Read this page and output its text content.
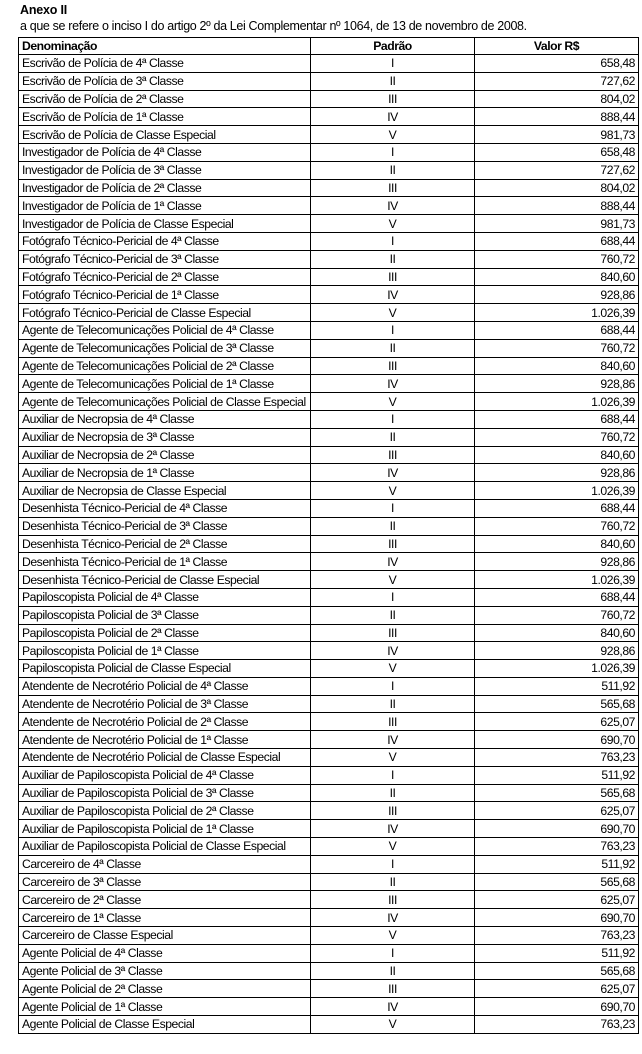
Anexo II
a que se refere o inciso I do artigo 2º da Lei Complementar nº 1064, de 13 de novembro de 2008.
Denominação	Padrão	Valor R$
Escrivão de Polícia de 4ª Classe	I	658,48
Escrivão de Polícia de 3ª Classe	II	727,62
Escrivão de Polícia de 2ª Classe	III	804,02
Escrivão de Polícia de 1ª Classe	IV	888,44
Escrivão de Polícia de Classe Especial	V	981,73
Investigador de Polícia de 4ª Classe	I	658,48
Investigador de Polícia de 3ª Classe	II	727,62
Investigador de Polícia de 2ª Classe	III	804,02
Investigador de Polícia de 1ª Classe	IV	888,44
Investigador de Polícia de Classe Especial	V	981,73
Fotógrafo Técnico-Pericial de 4ª Classe	I	688,44
Fotógrafo Técnico-Pericial de 3ª Classe	II	760,72
Fotógrafo Técnico-Pericial de 2ª Classe	III	840,60
Fotógrafo Técnico-Pericial de 1ª Classe	IV	928,86
Fotógrafo Técnico-Pericial de Classe Especial	V	1.026,39
Agente de Telecomunicações Policial de 4ª Classe	I	688,44
Agente de Telecomunicações Policial de 3ª Classe	II	760,72
Agente de Telecomunicações Policial de 2ª Classe	III	840,60
Agente de Telecomunicações Policial de 1ª Classe	IV	928,86
Agente de Telecomunicações Policial de Classe Especial	V	1.026,39
Auxiliar de Necropsia de 4ª Classe	I	688,44
Auxiliar de Necropsia de 3ª Classe	II	760,72
Auxiliar de Necropsia de 2ª Classe	III	840,60
Auxiliar de Necropsia de 1ª Classe	IV	928,86
Auxiliar de Necropsia de Classe Especial	V	1.026,39
Desenhista Técnico-Pericial de 4ª Classe	I	688,44
Desenhista Técnico-Pericial de 3ª Classe	II	760,72
Desenhista Técnico-Pericial de 2ª Classe	III	840,60
Desenhista Técnico-Pericial de 1ª Classe	IV	928,86
Desenhista Técnico-Pericial de Classe Especial	V	1.026,39
Papiloscopista Policial de 4ª Classe	I	688,44
Papiloscopista Policial de 3ª Classe	II	760,72
Papiloscopista Policial de 2ª Classe	III	840,60
Papiloscopista Policial de 1ª Classe	IV	928,86
Papiloscopista Policial de Classe Especial	V	1.026,39
Atendente de Necrotério Policial de 4ª Classe	I	511,92
Atendente de Necrotério Policial de 3ª Classe	II	565,68
Atendente de Necrotério Policial de 2ª Classe	III	625,07
Atendente de Necrotério Policial de 1ª Classe	IV	690,70
Atendente de Necrotério Policial de Classe Especial	V	763,23
Auxiliar de Papiloscopista Policial de 4ª Classe	I	511,92
Auxiliar de Papiloscopista Policial de 3ª Classe	II	565,68
Auxiliar de Papiloscopista Policial de 2ª Classe	III	625,07
Auxiliar de Papiloscopista Policial de 1ª Classe	IV	690,70
Auxiliar de Papiloscopista Policial de Classe Especial	V	763,23
Carcereiro de 4ª Classe	I	511,92
Carcereiro de 3ª Classe	II	565,68
Carcereiro de 2ª Classe	III	625,07
Carcereiro de 1ª Classe	IV	690,70
Carcereiro de Classe Especial	V	763,23
Agente Policial de 4ª Classe	I	511,92
Agente Policial de 3ª Classe	II	565,68
Agente Policial de 2ª Classe	III	625,07
Agente Policial de 1ª Classe	IV	690,70
Agente Policial de Classe Especial	V	763,23
